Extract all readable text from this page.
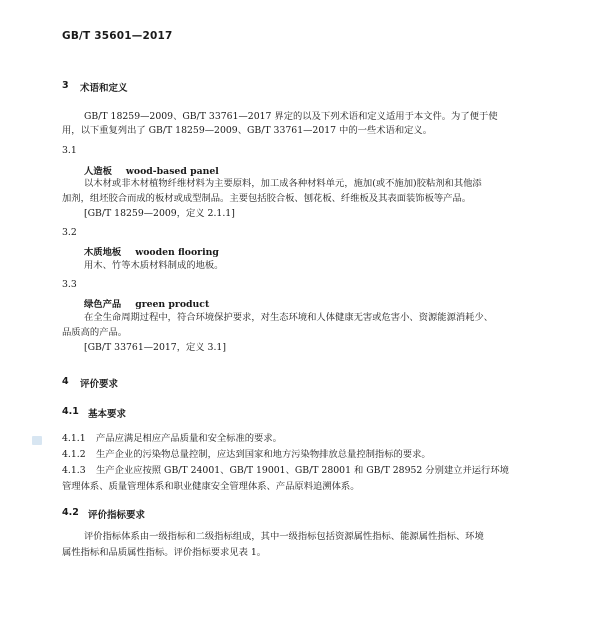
GB/T 35601—2017
3 术语和定义
GB/T 18259—2009、GB/T 33761—2017 界定的以及下列术语和定义适用于本文件。为了便于使
用，以下重复列出了 GB/T 18259—2009、GB/T 33761—2017 中的一些术语和定义。
3.1
人造板 wood-based panel
以木材或非木材植物纤维材料为主要原料，加工成各种材料单元，施加(或不施加)胶粘剂和其他添
加剂，组坯胶合而成的板材或成型制品。主要包括胶合板、刨花板、纤维板及其表面装饰板等产品。
[GB/T 18259—2009，定义 2.1.1]
3.2
木质地板 wooden flooring
用木、竹等木质材料制成的地板。
3.3
绿色产品 green product
在全生命周期过程中，符合环境保护要求，对生态环境和人体健康无害或危害小、资源能源消耗少、
品质高的产品。
[GB/T 33761—2017，定义 3.1]
4 评价要求
4.1 基本要求
4.1.1 产品应满足相应产品质量和安全标准的要求。
4.1.2 生产企业的污染物总量控制，应达到国家和地方污染物排放总量控制指标的要求。
4.1.3 生产企业应按照 GB/T 24001、GB/T 19001、GB/T 28001 和 GB/T 28952 分别建立并运行环境
管理体系、质量管理体系和职业健康安全管理体系、产品原料追溯体系。
4.2 评价指标要求
评价指标体系由一级指标和二级指标组成，其中一级指标包括资源属性指标、能源属性指标、环境
属性指标和品质属性指标。评价指标要求见表 1。
